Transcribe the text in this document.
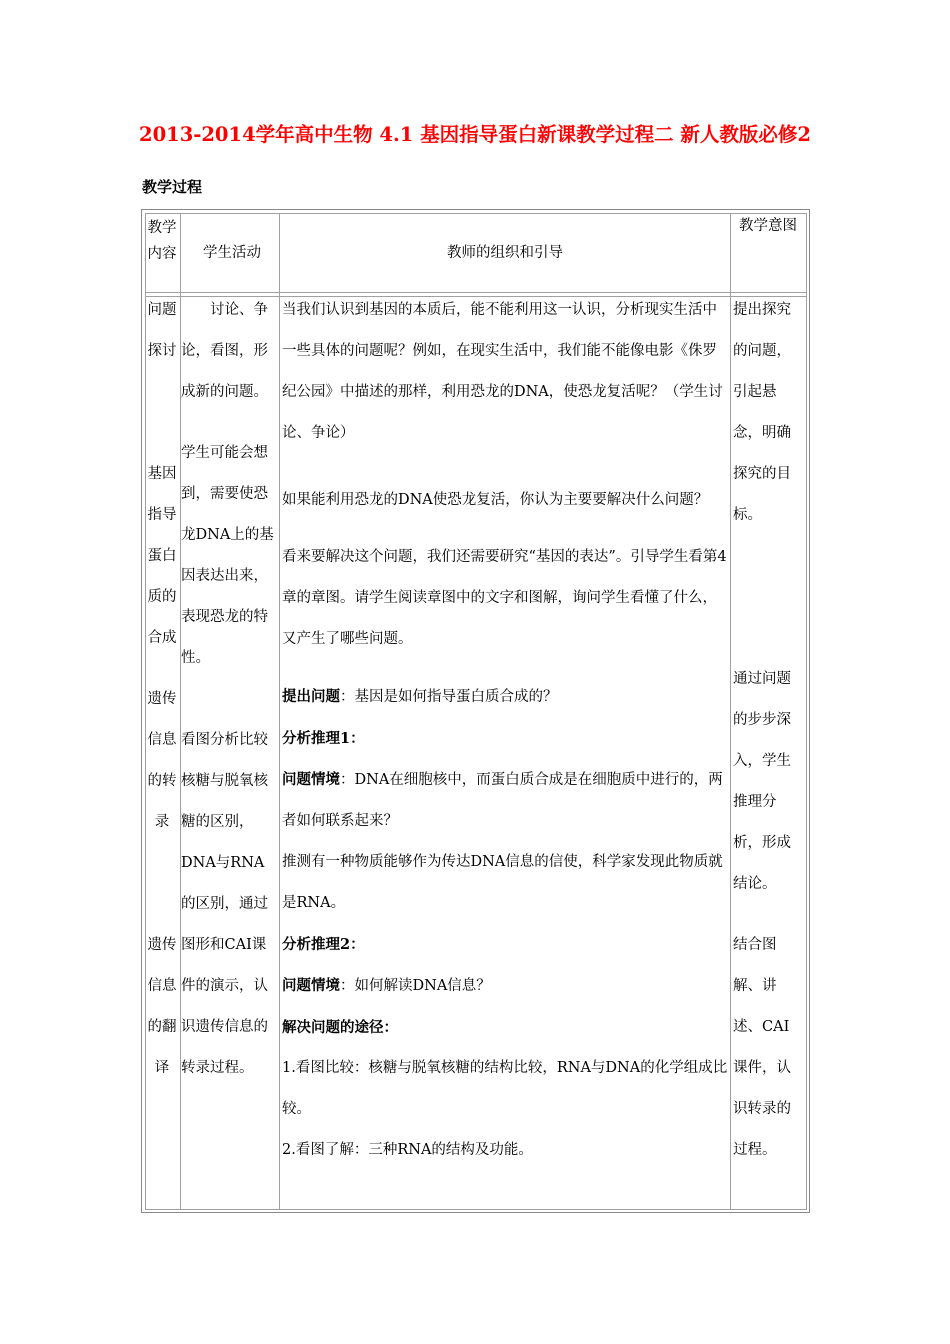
2013-2014学年高中生物 4.1 基因指导蛋白新课教学过程二 新人教版必修2
教学过程
教学内容	学生活动	教师的组织和引导
教学意图
问题探讨
基因指导蛋白质的合成
遗传信息的转录
遗传信息的翻译
讨论、争论，看图，形成新的问题。
学生可能会想到，需要使恐龙DNA上的基因表达出来，表现恐龙的特性。
看图分析比较核糖与脱氧核糖的区别，DNA与RNA的区别，通过图形和CAI课件的演示，认识遗传信息的转录过程。
当我们认识到基因的本质后，能不能利用这一认识，分析现实生活中一些具体的问题呢？例如，在现实生活中，我们能不能像电影《侏罗纪公园》中描述的那样，利用恐龙的DNA，使恐龙复活呢？（学生讨论、争论）
如果能利用恐龙的DNA使恐龙复活，你认为主要要解决什么问题？
看来要解决这个问题，我们还需要研究“基因的表达”。引导学生看第4章的章图。请学生阅读章图中的文字和图解，询问学生看懂了什么，又产生了哪些问题。
提出问题：基因是如何指导蛋白质合成的？
分析推理1：
问题情境：DNA在细胞核中，而蛋白质合成是在细胞质中进行的，两者如何联系起来？
推测有一种物质能够作为传达DNA信息的信使，科学家发现此物质就是RNA。
分析推理2：
问题情境：如何解读DNA信息？
解决问题的途径：
1.看图比较：核糖与脱氧核糖的结构比较，RNA与DNA的化学组成比较。
2.看图了解：三种RNA的结构及功能。
提出探究的问题，引起悬念，明确探究的目标。
通过问题的步步深入，学生推理分析，形成结论。
结合图解、讲述、CAI课件，认识转录的过程。
